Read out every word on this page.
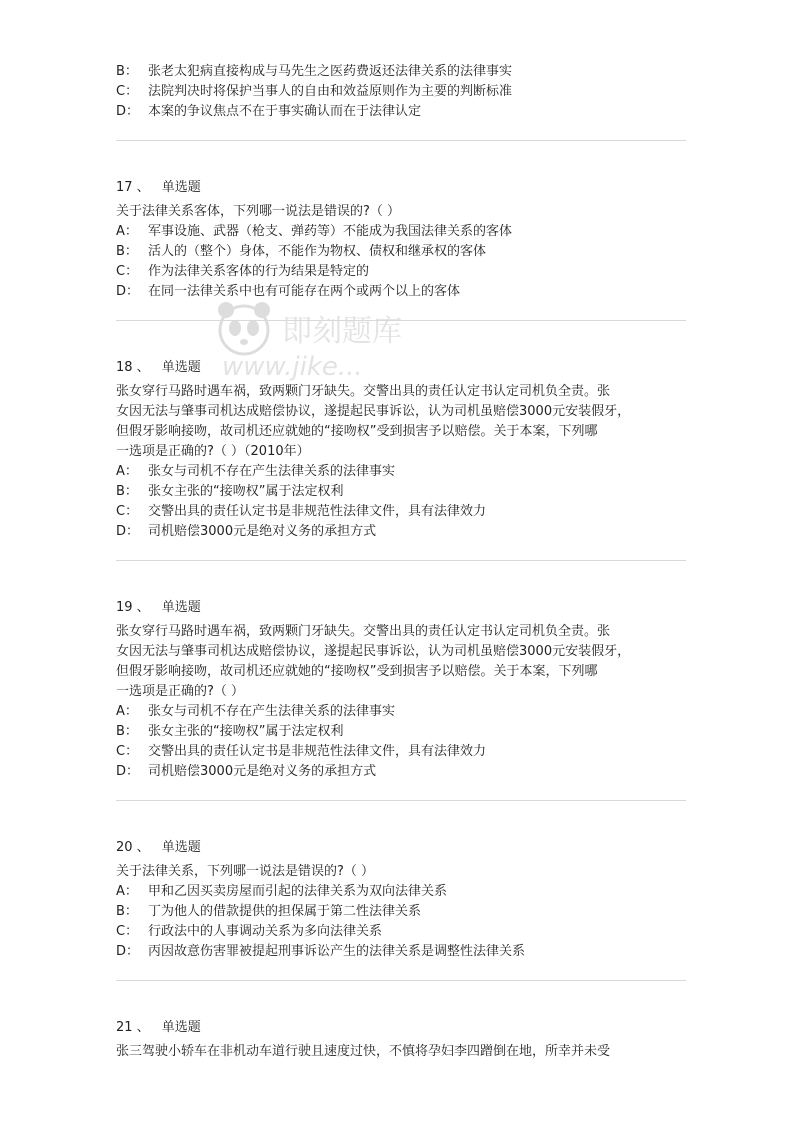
即刻题库
www.jike...
B： 张老太犯病直接构成与马先生之医药费返还法律关系的法律事实
C： 法院判决时将保护当事人的自由和效益原则作为主要的判断标准
D： 本案的争议焦点不在于事实确认而在于法律认定
17 、 单选题
关于法律关系客体，下列哪一说法是错误的?（ ）
A： 军事设施、武器（枪支、弹药等）不能成为我国法律关系的客体
B： 活人的（整个）身体，不能作为物权、债权和继承权的客体
C： 作为法律关系客体的行为结果是特定的
D： 在同一法律关系中也有可能存在两个或两个以上的客体
18 、 单选题
张女穿行马路时遇车祸，致两颗门牙缺失。交警出具的责任认定书认定司机负全责。张
女因无法与肇事司机达成赔偿协议，遂提起民事诉讼，认为司机虽赔偿3000元安装假牙，
但假牙影响接吻，故司机还应就她的“接吻权”受到损害予以赔偿。关于本案，下列哪
一选项是正确的?（ ）（2010年）
A： 张女与司机不存在产生法律关系的法律事实
B： 张女主张的“接吻权”属于法定权利
C： 交警出具的责任认定书是非规范性法律文件，具有法律效力
D： 司机赔偿3000元是绝对义务的承担方式
19 、 单选题
张女穿行马路时遇车祸，致两颗门牙缺失。交警出具的责任认定书认定司机负全责。张
女因无法与肇事司机达成赔偿协议，遂提起民事诉讼，认为司机虽赔偿3000元安装假牙，
但假牙影响接吻，故司机还应就她的“接吻权”受到损害予以赔偿。关于本案，下列哪
一选项是正确的?（ ）
A： 张女与司机不存在产生法律关系的法律事实
B： 张女主张的“接吻权”属于法定权利
C： 交警出具的责任认定书是非规范性法律文件，具有法律效力
D： 司机赔偿3000元是绝对义务的承担方式
20 、 单选题
关于法律关系，下列哪一说法是错误的?（ ）
A： 甲和乙因买卖房屋而引起的法律关系为双向法律关系
B： 丁为他人的借款提供的担保属于第二性法律关系
C： 行政法中的人事调动关系为多向法律关系
D： 丙因故意伤害罪被提起刑事诉讼产生的法律关系是调整性法律关系
21 、 单选题
张三驾驶小轿车在非机动车道行驶且速度过快，不慎将孕妇李四蹭倒在地，所幸并未受
